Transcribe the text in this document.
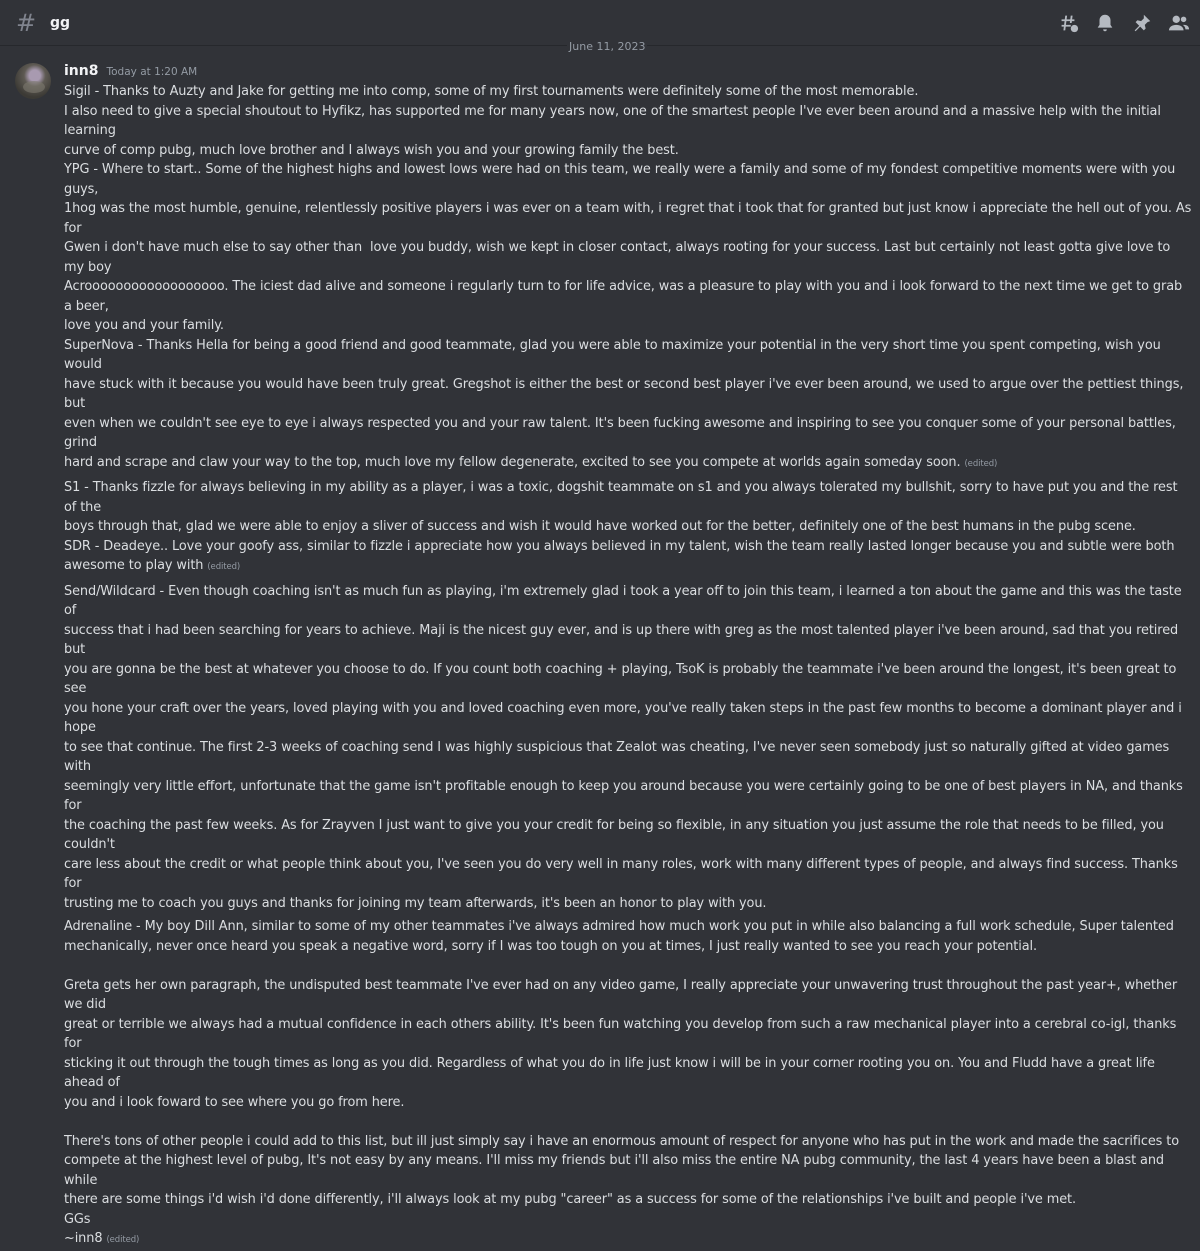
# gg
June 11, 2023
inn8 Today at 1:20 AM

Sigil - Thanks to Auzty and Jake for getting me into comp, some of my first tournaments were definitely some of the most memorable.
I also need to give a special shoutout to Hyfikz, has supported me for many years now, one of the smartest people I've ever been around and a massive help with the initial learning
curve of comp pubg, much love brother and I always wish you and your growing family the best.
YPG - Where to start.. Some of the highest highs and lowest lows were had on this team, we really were a family and some of my fondest competitive moments were with you guys,
1hog was the most humble, genuine, relentlessly positive players i was ever on a team with, i regret that i took that for granted but just know i appreciate the hell out of you. As for
Gwen i don't have much else to say other than  love you buddy, wish we kept in closer contact, always rooting for your success. Last but certainly not least gotta give love to my boy
Acroooooooooooooooooo. The iciest dad alive and someone i regularly turn to for life advice, was a pleasure to play with you and i look forward to the next time we get to grab a beer,
love you and your family.
SuperNova - Thanks Hella for being a good friend and good teammate, glad you were able to maximize your potential in the very short time you spent competing, wish you would
have stuck with it because you would have been truly great. Gregshot is either the best or second best player i've ever been around, we used to argue over the pettiest things, but
even when we couldn't see eye to eye i always respected you and your raw talent. It's been fucking awesome and inspiring to see you conquer some of your personal battles, grind
hard and scrape and claw your way to the top, much love my fellow degenerate, excited to see you compete at worlds again someday soon. (edited)

S1 - Thanks fizzle for always believing in my ability as a player, i was a toxic, dogshit teammate on s1 and you always tolerated my bullshit, sorry to have put you and the rest of the
boys through that, glad we were able to enjoy a sliver of success and wish it would have worked out for the better, definitely one of the best humans in the pubg scene.
SDR - Deadeye.. Love your goofy ass, similar to fizzle i appreciate how you always believed in my talent, wish the team really lasted longer because you and subtle were both
awesome to play with (edited)

Send/Wildcard - Even though coaching isn't as much fun as playing, i'm extremely glad i took a year off to join this team, i learned a ton about the game and this was the taste of
success that i had been searching for years to achieve. Maji is the nicest guy ever, and is up there with greg as the most talented player i've been around, sad that you retired but
you are gonna be the best at whatever you choose to do. If you count both coaching + playing, TsoK is probably the teammate i've been around the longest, it's been great to see
you hone your craft over the years, loved playing with you and loved coaching even more, you've really taken steps in the past few months to become a dominant player and i hope
to see that continue. The first 2-3 weeks of coaching send I was highly suspicious that Zealot was cheating, I've never seen somebody just so naturally gifted at video games with
seemingly very little effort, unfortunate that the game isn't profitable enough to keep you around because you were certainly going to be one of best players in NA, and thanks for
the coaching the past few weeks. As for Zrayven I just want to give you your credit for being so flexible, in any situation you just assume the role that needs to be filled, you couldn't
care less about the credit or what people think about you, I've seen you do very well in many roles, work with many different types of people, and always find success. Thanks for
trusting me to coach you guys and thanks for joining my team afterwards, it's been an honor to play with you.

Adrenaline - My boy Dill Ann, similar to some of my other teammates i've always admired how much work you put in while also balancing a full work schedule, Super talented
mechanically, never once heard you speak a negative word, sorry if I was too tough on you at times, I just really wanted to see you reach your potential.

Greta gets her own paragraph, the undisputed best teammate I've ever had on any video game, I really appreciate your unwavering trust throughout the past year+, whether we did
great or terrible we always had a mutual confidence in each others ability. It's been fun watching you develop from such a raw mechanical player into a cerebral co-igl, thanks for
sticking it out through the tough times as long as you did. Regardless of what you do in life just know i will be in your corner rooting you on. You and Fludd have a great life ahead of
you and i look foward to see where you go from here.

There's tons of other people i could add to this list, but ill just simply say i have an enormous amount of respect for anyone who has put in the work and made the sacrifices to
compete at the highest level of pubg, It's not easy by any means. I'll miss my friends but i'll also miss the entire NA pubg community, the last 4 years have been a blast and while
there are some things i'd wish i'd done differently, i'll always look at my pubg "career" as a success for some of the relationships i've built and people i've met.
GGs
~inn8 (edited)
